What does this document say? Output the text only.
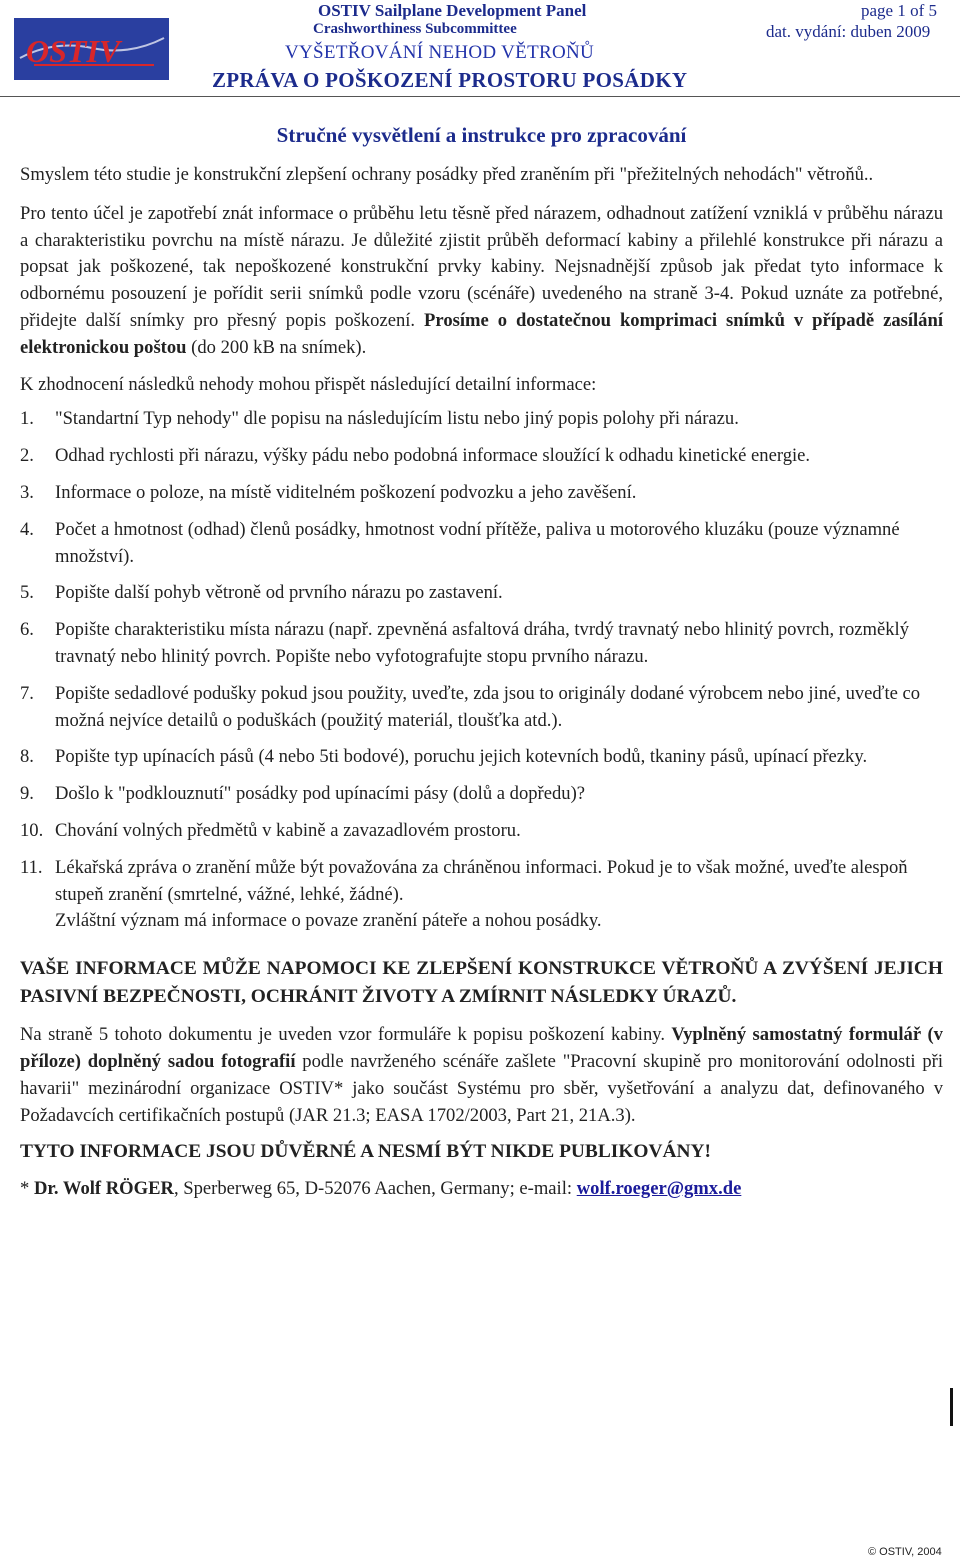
OSTIV
OSTIV Sailplane Development Panel
Crashworthiness Subcommittee
VYŠETŘOVÁNÍ NEHOD VĚTROŇŮ
ZPRÁVA O POŠKOZENÍ PROSTORU POSÁDKY
page 1 of 5
dat. vydání: duben 2009
Stručné vysvětlení a instrukce pro zpracování

Smyslem této studie je konstrukční zlepšení ochrany posádky před zraněním při "přežitelných nehodách" větroňů..

Pro tento účel je zapotřebí znát informace o průběhu letu těsně před nárazem, odhadnout zatížení vzniklá v průběhu nárazu a charakteristiku povrchu na místě nárazu. Je důležité zjistit průběh deformací kabiny a přilehlé konstrukce při nárazu a popsat jak poškozené, tak nepoškozené konstrukční prvky kabiny. Nejsnadnější způsob jak předat tyto informace k odbornému posouzení je pořídit serii snímků podle vzoru (scénáře) uvedeného na straně 3-4. Pokud uznáte za potřebné, přidejte další snímky pro přesný popis poškození. Prosíme o dostatečnou komprimaci snímků v případě zasílání elektronickou poštou (do 200 kB na snímek).

K zhodnocení následků nehody mohou přispět následující detailní informace:

1. "Standartní Typ nehody" dle popisu na následujícím listu nebo jiný popis polohy při nárazu.
2. Odhad rychlosti při nárazu, výšky pádu nebo podobná informace sloužící k odhadu kinetické energie.
3. Informace o poloze, na místě viditelném poškození podvozku a jeho zavěšení.
4. Počet a hmotnost (odhad) členů posádky, hmotnost vodní přítěže, paliva u motorového kluzáku (pouze významné množství).
5. Popište další pohyb větroně od prvního nárazu po zastavení.
6. Popište charakteristiku místa nárazu (např. zpevněná asfaltová dráha, tvrdý travnatý nebo hlinitý povrch, rozměklý travnatý nebo hlinitý povrch. Popište nebo vyfotografujte stopu prvního nárazu.
7. Popište sedadlové podušky pokud jsou použity, uveďte, zda jsou to originály dodané výrobcem nebo jiné, uveďte co možná nejvíce detailů o poduškách (použitý materiál, tloušťka atd.).
8. Popište typ upínacích pásů (4 nebo 5ti bodové), poruchu jejich kotevních bodů, tkaniny pásů, upínací přezky.
9. Došlo k "podklouznutí" posádky pod upínacími pásy (dolů a dopředu)?
10. Chování volných předmětů v kabině a zavazadlovém prostoru.
11. Lékařská zpráva o zranění může být považována za chráněnou informaci. Pokud je to však možné, uveďte alespoň stupeň zranění (smrtelné, vážné, lehké, žádné).
Zvláštní význam má informace o povaze zranění páteře a nohou posádky.

VAŠE INFORMACE MŮŽE NAPOMOCI KE ZLEPŠENÍ KONSTRUKCE VĚTROŇŮ A ZVÝŠENÍ JEJICH PASIVNÍ BEZPEČNOSTI, OCHRÁNIT ŽIVOTY A ZMÍRNIT NÁSLEDKY ÚRAZŮ.

Na straně 5 tohoto dokumentu je uveden vzor formuláře k popisu poškození kabiny. Vyplněný samostatný formulář (v příloze) doplněný sadou fotografií podle navrženého scénáře zašlete "Pracovní skupině pro monitorování odolnosti při havarii" mezinárodní organizace OSTIV* jako součást Systému pro sběr, vyšetřování a analyzu dat, definovaného v Požadavcích certifikačních postupů (JAR 21.3; EASA 1702/2003, Part 21, 21A.3).

TYTO INFORMACE JSOU DŮVĚRNÉ A NESMÍ BÝT NIKDE PUBLIKOVÁNY!

* Dr. Wolf RÖGER, Sperberweg 65, D-52076 Aachen, Germany; e-mail: wolf.roeger@gmx.de

© OSTIV, 2004
